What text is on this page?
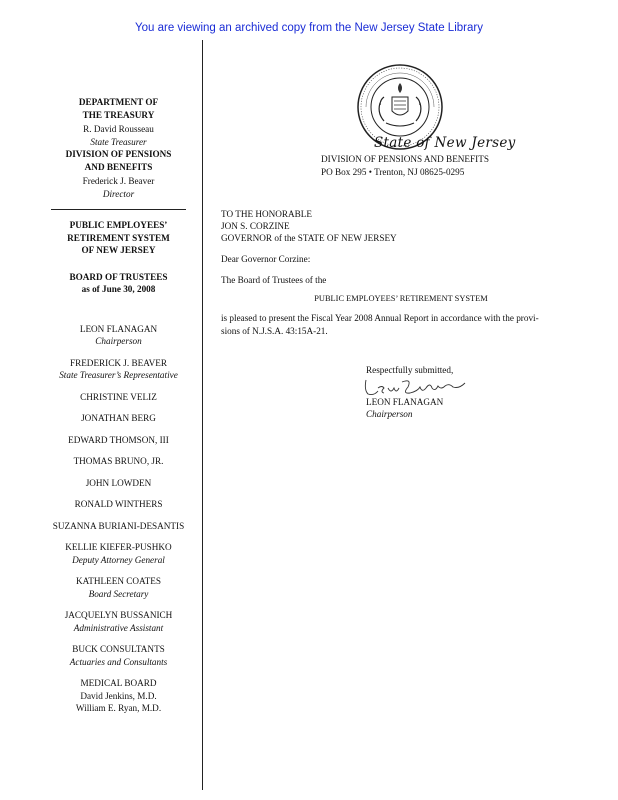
You are viewing an archived copy from the New Jersey State Library
DEPARTMENT OF
THE TREASURY
R. David Rousseau
State Treasurer
DIVISION OF PENSIONS
AND BENEFITS
Frederick J. Beaver
Director
PUBLIC EMPLOYEES’
RETIREMENT SYSTEM
OF NEW JERSEY
BOARD OF TRUSTEES
as of June 30, 2008
LEON FLANAGAN
Chairperson
FREDERICK J. BEAVER
State Treasurer’s Representative
CHRISTINE VELIZ
JONATHAN BERG
EDWARD THOMSON, III
THOMAS BRUNO, JR.
JOHN LOWDEN
RONALD WINTHERS
SUZANNA BURIANI-DESANTIS
KELLIE KIEFER-PUSHKO
Deputy Attorney General
KATHLEEN COATES
Board Secretary
JACQUELYN BUSSANICH
Administrative Assistant
BUCK CONSULTANTS
Actuaries and Consultants
MEDICAL BOARD
David Jenkins, M.D.
William E. Ryan, M.D.
State of New Jersey
DIVISION OF PENSIONS AND BENEFITS
PO Box 295 • Trenton, NJ 08625-0295
TO THE HONORABLE
JON S. CORZINE
GOVERNOR of the STATE OF NEW JERSEY
Dear Governor Corzine:
The Board of Trustees of the
PUBLIC EMPLOYEES’ RETIREMENT SYSTEM
is pleased to present the Fiscal Year 2008 Annual Report in accordance with the provi-
sions of N.J.S.A. 43:15A-21.
Respectfully submitted,
LEON FLANAGAN
Chairperson
